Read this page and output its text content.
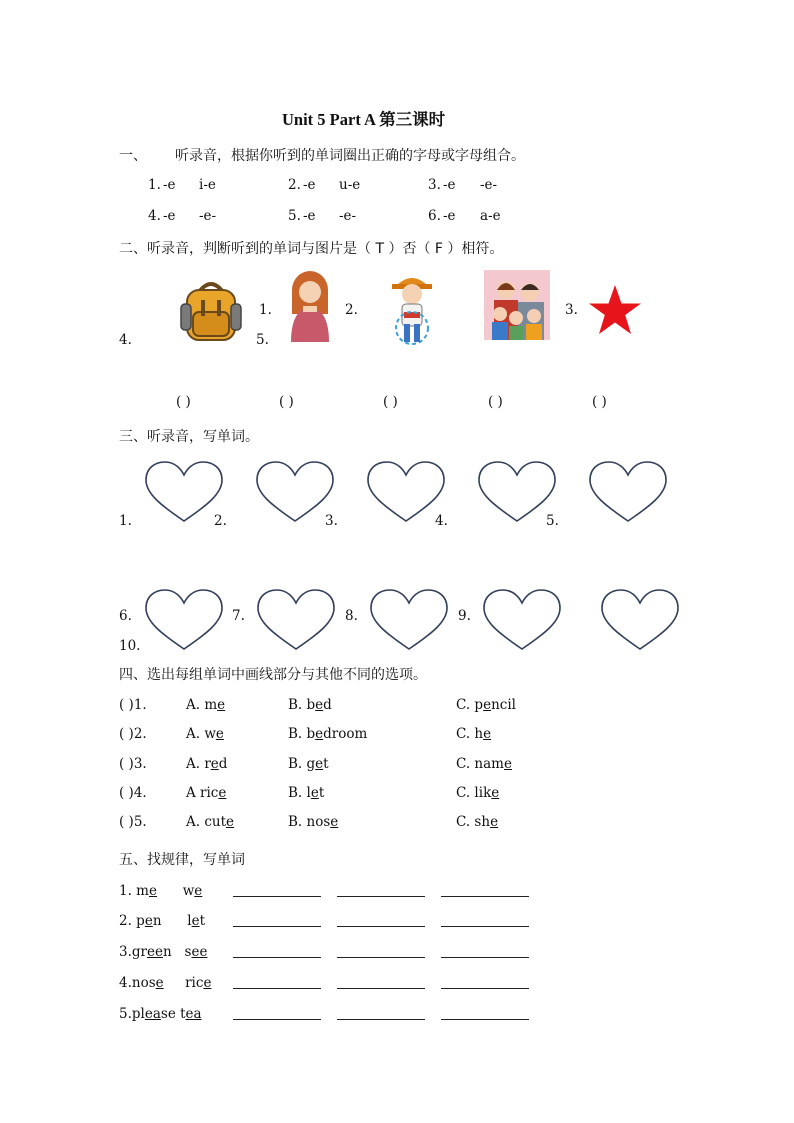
Unit 5 Part A 第三课时
一、 听录音，根据你听到的单词圈出正确的字母或字母组合。
1. -e i-e	2. -e u-e	3. -e -e-
4. -e -e-	5. -e -e-	6. -e a-e
二、听录音，判断听到的单词与图片是（ T ）否（ F ）相符。
1.	2.	3.
4.	5.
( )	( )	( )	( )	( )
三、听录音，写单词。
1.	2.	3.	4.	5.
6.	7.	8.	9.
10.
四、选出每组单词中画线部分与其他不同的选项。
( )1.	A. me	B. bed	C. pencil
( )2.	A. we	B. bedroom	C. he
( )3.	A. red	B. get	C. name
( )4.	A rice	B. let	C. like
( )5.	A. cute	B. nose	C. she
五、找规律，写单词
1. me      we
2. pen      let
3.green   see
4.nose     rice
5.please tea
